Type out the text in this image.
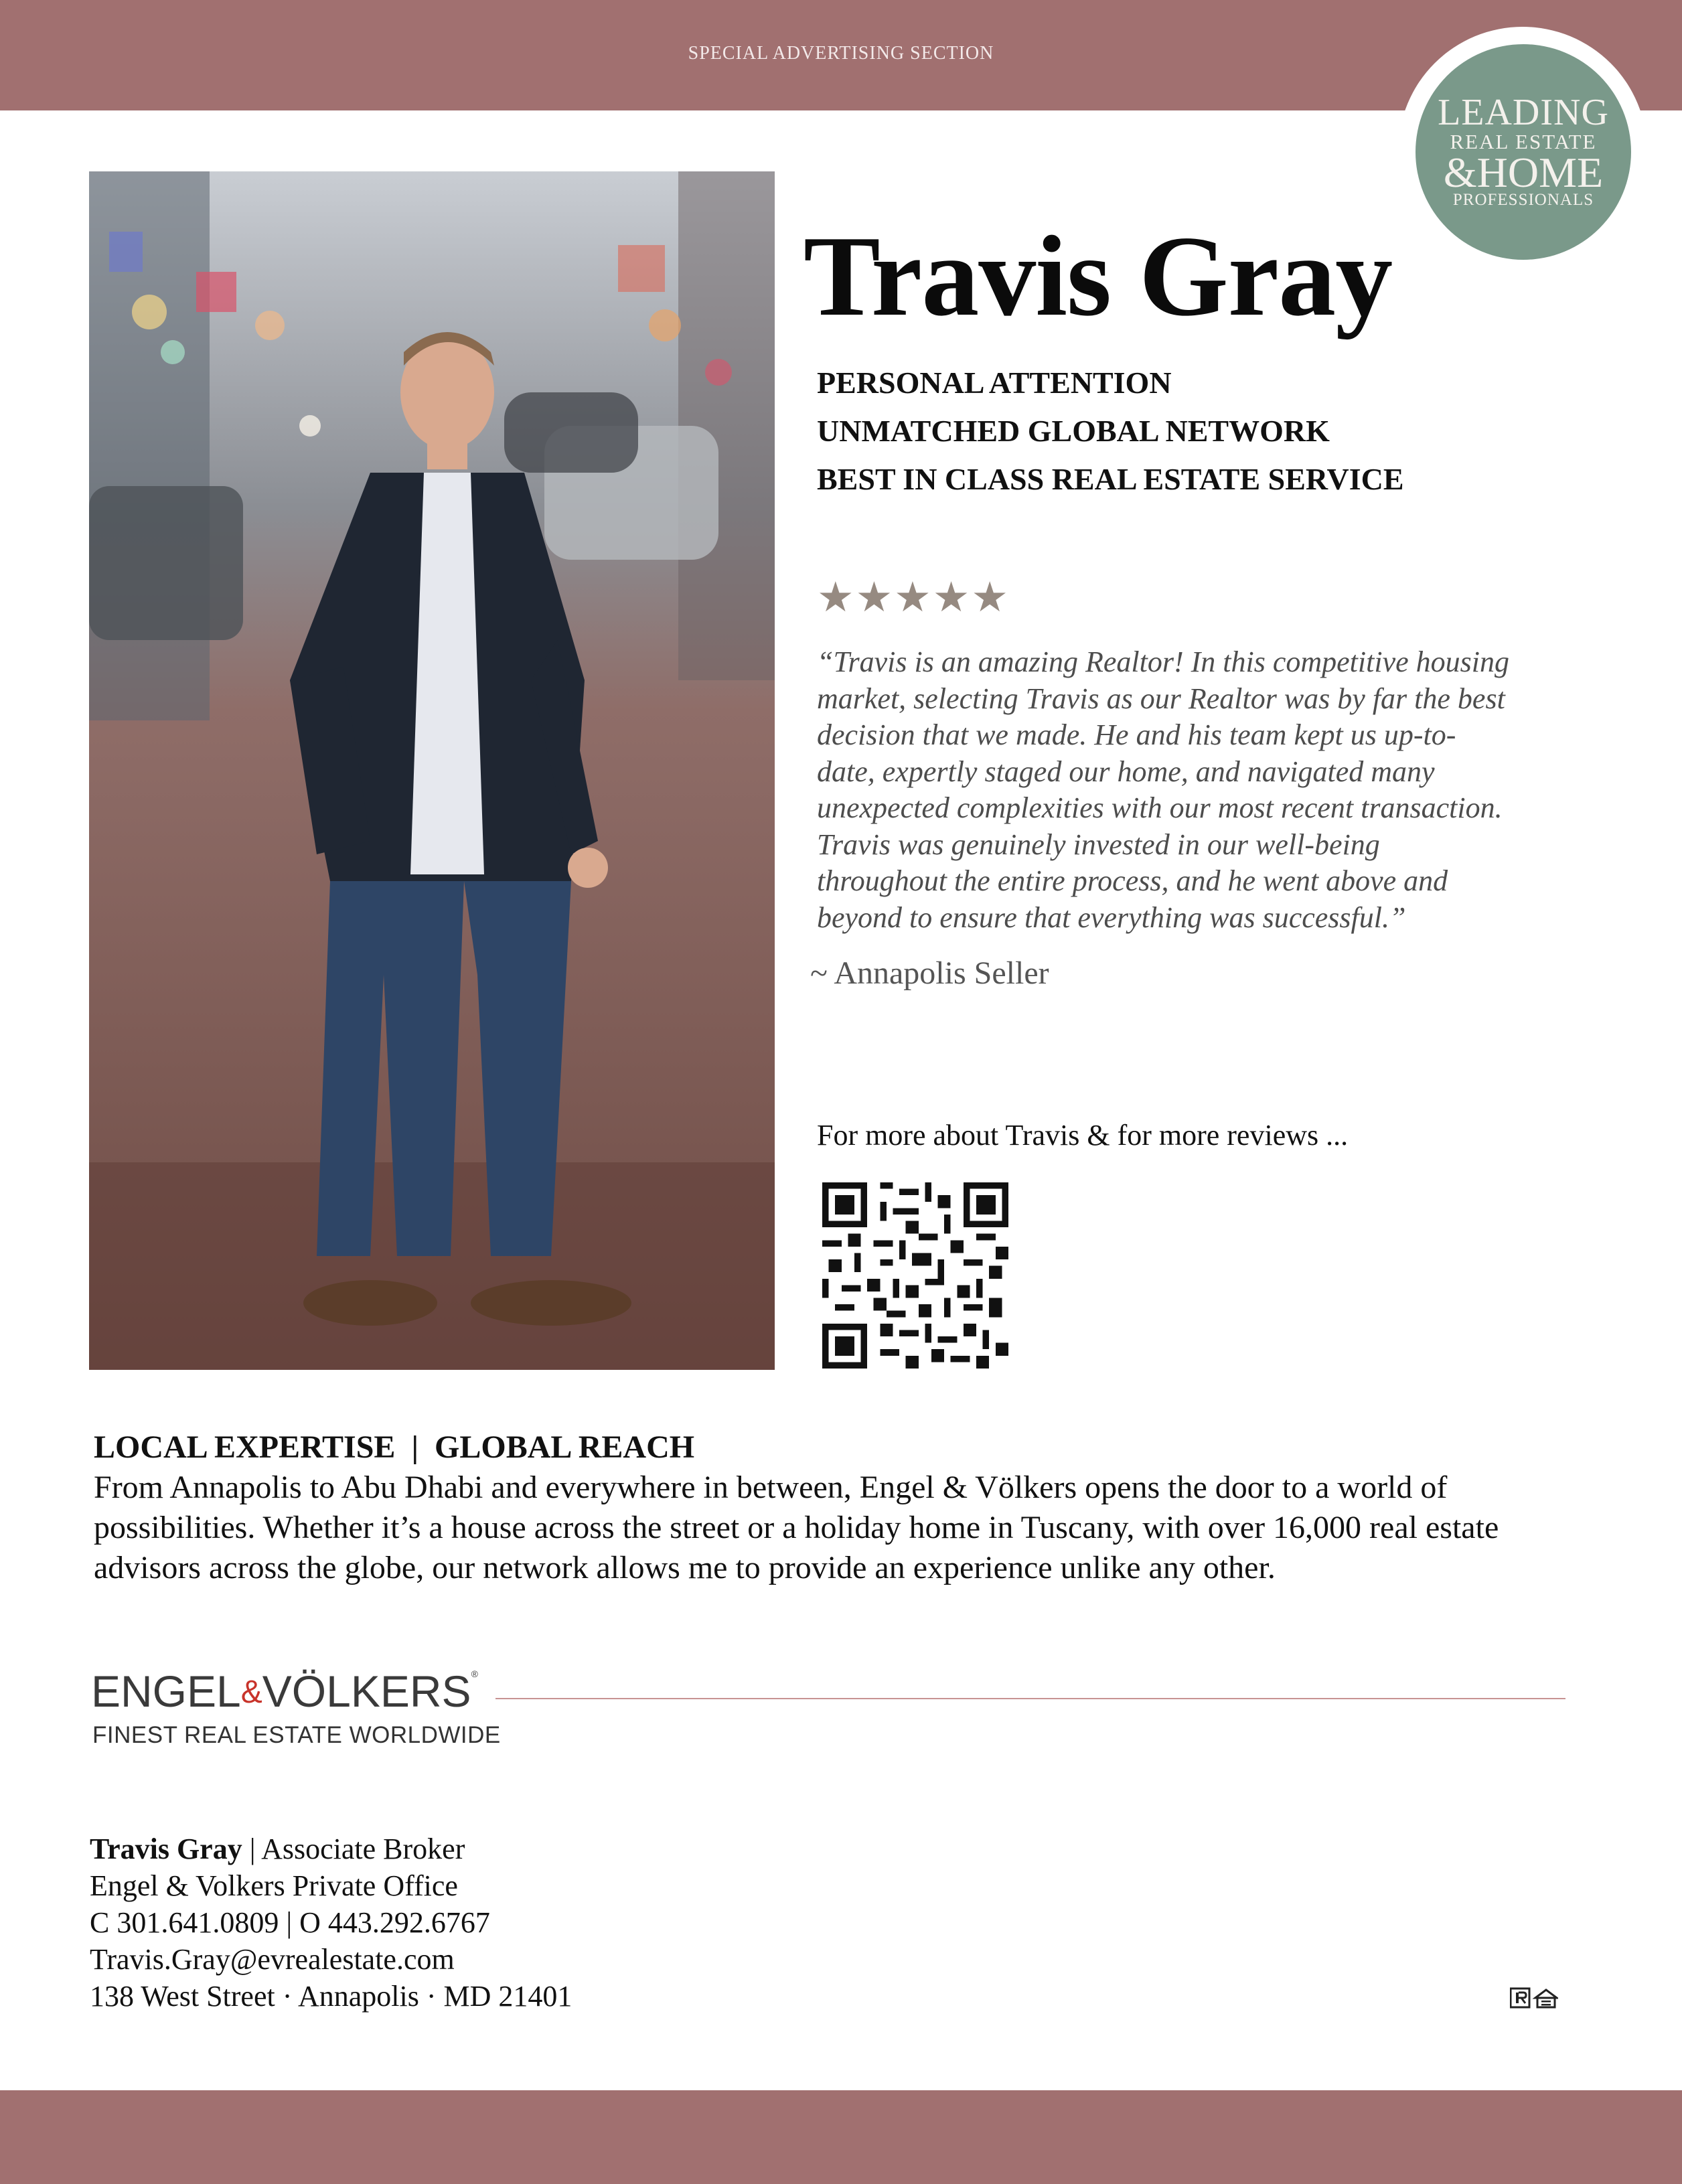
SPECIAL ADVERTISING SECTION
LEADING
REAL ESTATE
&HOME
PROFESSIONALS
Travis Gray
PERSONAL ATTENTION
UNMATCHED GLOBAL NETWORK
BEST IN CLASS REAL ESTATE SERVICE
★★★★★
“Travis is an amazing Realtor! In this competitive housing market, selecting Travis as our Realtor was by far the best decision that we made. He and his team kept us up-to-date, expertly staged our home, and navigated many unexpected complexities with our most recent transaction. Travis was genuinely invested in our well-being throughout the entire process, and he went above and beyond to ensure that everything was successful.”
~ Annapolis Seller
For more about Travis & for more reviews ...
LOCAL EXPERTISE  |  GLOBAL REACH
From Annapolis to Abu Dhabi and everywhere in between, Engel & Völkers opens the door to a world of possibilities. Whether it’s a house across the street or a holiday home in Tuscany, with over 16,000 real estate advisors across the globe, our network allows me to provide an experience unlike any other.
ENGEL&VÖLKERS®
FINEST REAL ESTATE WORLDWIDE
Travis Gray | Associate Broker
Engel & Volkers Private Office
C 301.641.0809 | O 443.292.6767
Travis.Gray@evrealestate.com
138 West Street · Annapolis · MD 21401
